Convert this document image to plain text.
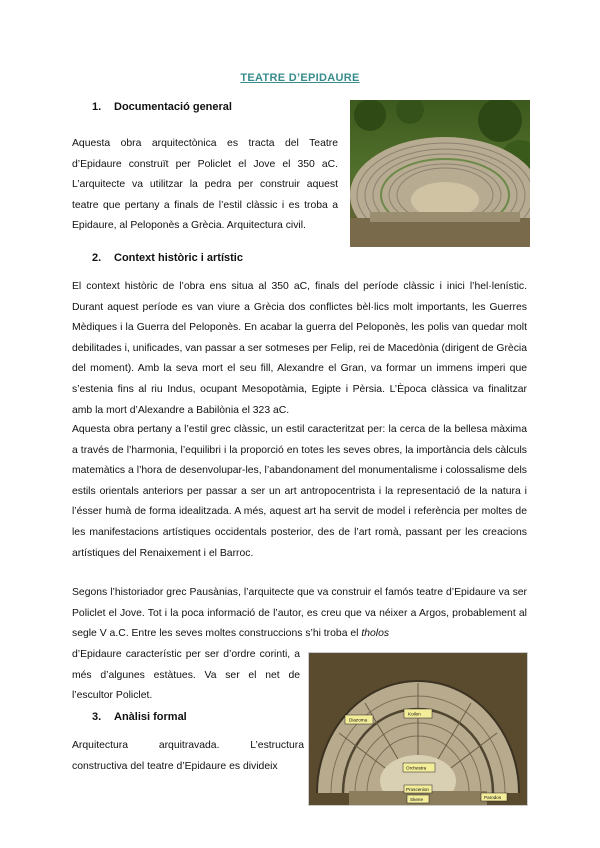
TEATRE D’EPIDAURE
1. Documentació general
Aquesta obra arquitectònica es tracta del Teatre d’Epidaure construït per Policlet el Jove el 350 aC. L’arquitecte va utilitzar la pedra per construir aquest teatre que pertany a finals de l’estil clàssic i es troba a Epidaure, al Peloponès a Grècia. Arquitectura civil.
2. Context històric i artístic
El context històric de l’obra ens situa al 350 aC, finals del període clàssic i inici l’hel·lenístic. Durant aquest període es van viure a Grècia dos conflictes bèl·lics molt importants, les Guerres Mèdiques i la Guerra del Peloponès. En acabar la guerra del Peloponès, les polis van quedar molt debilitades i, unificades, van passar a ser sotmeses per Felip, rei de Macedònia (dirigent de Grècia del moment). Amb la seva mort el seu fill, Alexandre el Gran, va formar un immens imperi que s’estenia fins al riu Indus, ocupant Mesopotàmia, Egipte i Pèrsia. L’Època clàssica va finalitzar amb la mort d’Alexandre a Babilònia el 323 aC.
Aquesta obra pertany a l’estil grec clàssic, un estil caracteritzat per: la cerca de la bellesa màxima a través de l’harmonia, l’equilibri i la proporció en totes les seves obres, la importància dels càlculs matemàtics a l’hora de desenvolupar-les, l’abandonament del monumentalisme i colossalisme dels estils orientals anteriors per passar a ser un art antropocentrista i la representació de la natura i l’ésser humà de forma idealitzada. A més, aquest art ha servit de model i referència per moltes de les manifestacions artístiques occidentals posterior, des de l’art romà, passant per les creacions artístiques del Renaixement i el Barroc.
Segons l’historiador grec Pausànias, l’arquitecte que va construir el famós teatre d’Epidaure va ser Policlet el Jove. Tot i la poca informació de l’autor, es creu que va néixer a Argos, probablement al segle V a.C. Entre les seves moltes construccions s’hi troba el tholos
d’Epidaure característic per ser d’ordre corinti, a més d’algunes estàtues. Va ser el net de l’escultor Policlet.
Diazoma
Koilon
Orchestra
Proscenion
Skene	Parodos
3. Anàlisi formal
Arquitectura arquitravada. L’estructura constructiva del teatre d’Epidaure es divideix
